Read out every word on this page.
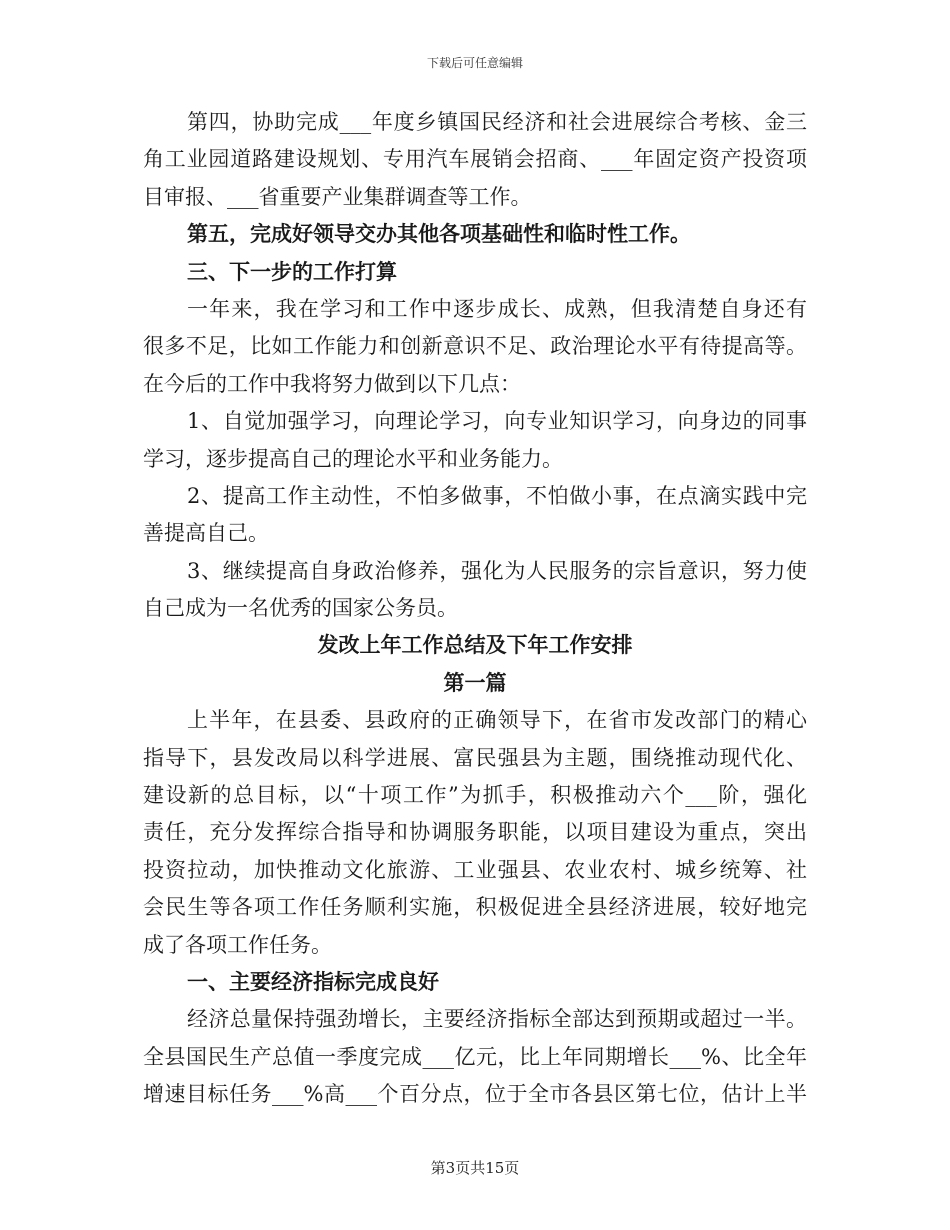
下载后可任意编辑
第四，协助完成___年度乡镇国民经济和社会进展综合考核、金三
角工业园道路建设规划、专用汽车展销会招商、___年固定资产投资项
目审报、___省重要产业集群调查等工作。
第五，完成好领导交办其他各项基础性和临时性工作。
三、下一步的工作打算
一年来，我在学习和工作中逐步成长、成熟，但我清楚自身还有
很多不足，比如工作能力和创新意识不足、政治理论水平有待提高等。
在今后的工作中我将努力做到以下几点：
1、自觉加强学习，向理论学习，向专业知识学习，向身边的同事
学习，逐步提高自己的理论水平和业务能力。
2、提高工作主动性，不怕多做事，不怕做小事，在点滴实践中完
善提高自己。
3、继续提高自身政治修养，强化为人民服务的宗旨意识，努力使
自己成为一名优秀的国家公务员。
发改上年工作总结及下年工作安排
第一篇
上半年，在县委、县政府的正确领导下，在省市发改部门的精心
指导下，县发改局以科学进展、富民强县为主题，围绕推动现代化、
建设新的总目标，以“十项工作”为抓手，积极推动六个___阶，强化
责任，充分发挥综合指导和协调服务职能，以项目建设为重点，突出
投资拉动，加快推动文化旅游、工业强县、农业农村、城乡统筹、社
会民生等各项工作任务顺利实施，积极促进全县经济进展，较好地完
成了各项工作任务。
一、主要经济指标完成良好
经济总量保持强劲增长，主要经济指标全部达到预期或超过一半。
全县国民生产总值一季度完成___亿元，比上年同期增长___%、比全年
增速目标任务___%高___个百分点，位于全市各县区第七位，估计上半
第3页共15页
